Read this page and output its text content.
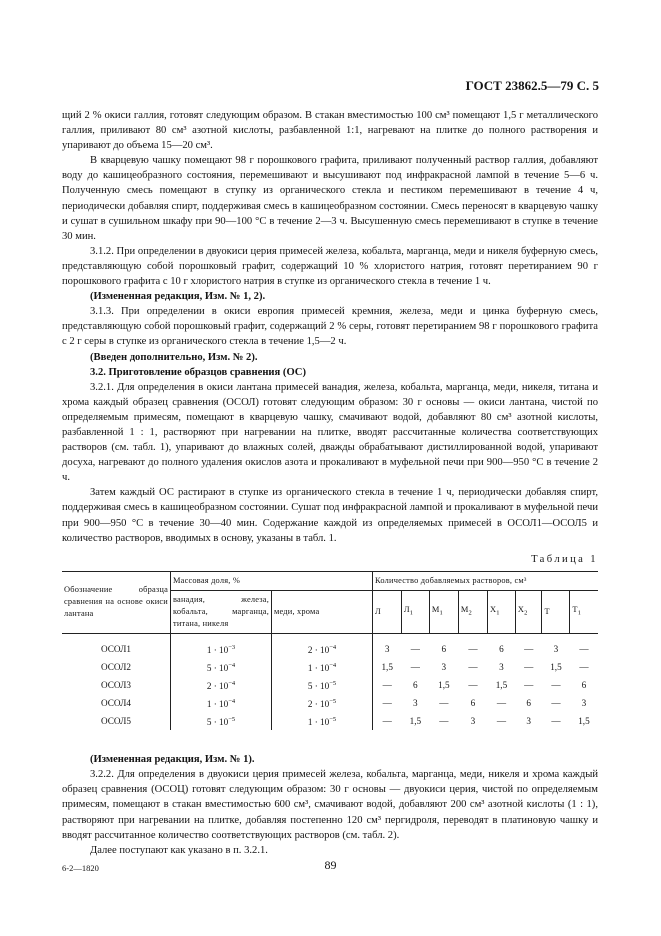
ГОСТ 23862.5—79 С. 5

щий 2 % окиси галлия, готовят следующим образом. В стакан вместимостью 100 см³ помещают 1,5 г металлического галлия, приливают 80 см³ азотной кислоты, разбавленной 1:1, нагревают на плитке до полного растворения и упаривают до объема 15—20 см³.

В кварцевую чашку помещают 98 г порошкового графита, приливают полученный раствор галлия, добавляют воду до кашицеобразного состояния, перемешивают и высушивают под инфракрасной лампой в течение 5—6 ч. Полученную смесь помещают в ступку из органического стекла и пестиком перемешивают в течение 4 ч, периодически добавляя спирт, поддерживая смесь в кашицеобразном состоянии. Смесь переносят в кварцевую чашку и сушат в сушильном шкафу при 90—100 °С в течение 2—3 ч. Высушенную смесь перемешивают в ступке в течение 30 мин.

3.1.2. При определении в двуокиси церия примесей железа, кобальта, марганца, меди и никеля буферную смесь, представляющую собой порошковый графит, содержащий 10 % хлористого натрия, готовят перетиранием 90 г порошкового графита с 10 г хлористого натрия в ступке из органического стекла в течение 1 ч.

(Измененная редакция, Изм. № 1, 2).

3.1.3. При определении в окиси европия примесей кремния, железа, меди и цинка буферную смесь, представляющую собой порошковый графит, содержащий 2 % серы, готовят перетиранием 98 г порошкового графита с 2 г серы в ступке из органического стекла в течение 1,5—2 ч.

(Введен дополнительно, Изм. № 2).

3.2. Приготовление образцов сравнения (ОС)

3.2.1. Для определения в окиси лантана примесей ванадия, железа, кобальта, марганца, меди, никеля, титана и хрома каждый образец сравнения (ОСОЛ) готовят следующим образом: 30 г основы — окиси лантана, чистой по определяемым примесям, помещают в кварцевую чашку, смачивают водой, добавляют 80 см³ азотной кислоты, разбавленной 1 : 1, растворяют при нагревании на плитке, вводят рассчитанные количества соответствующих растворов (см. табл. 1), упаривают до влажных солей, дважды обрабатывают дистиллированной водой, упаривают досуха, нагревают до полного удаления окислов азота и прокаливают в муфельной печи при 900—950 °С в течение 2 ч.

Затем каждый ОС растирают в ступке из органического стекла в течение 1 ч, периодически добавляя спирт, поддерживая смесь в кашицеобразном состоянии. Сушат под инфракрасной лампой и прокаливают в муфельной печи при 900—950 °С в течение 30—40 мин. Содержание каждой из определяемых примесей в ОСОЛ1—ОСОЛ5 и количество растворов, вводимых в основу, указаны в табл. 1.

Таблица 1
Обозначение образца сравнения на основе окиси лантана	Массовая доля, %		Количество добавляемых растворов, см³							
	ванадия, железа, кобальта, марганца, титана, никеля	меди, хрома	Л	$Л_1$	$М_1$	$М_2$	$Х_1$	$Х_2$	Т	$Т_1$
ОСОЛ1	$1 \cdot 10^{-3}$	$2 \cdot 10^{-4}$	3	—	6	—	6	—	3	—
ОСОЛ2	$5 \cdot 10^{-4}$	$1 \cdot 10^{-4}$	1,5	—	3	—	3	—	1,5	—
ОСОЛ3	$2 \cdot 10^{-4}$	$5 \cdot 10^{-5}$	—	6	1,5	—	1,5	—	—	6
ОСОЛ4	$1 \cdot 10^{-4}$	$2 \cdot 10^{-5}$	—	3	—	6	—	6	—	3
ОСОЛ5	$5 \cdot 10^{-5}$	$1 \cdot 10^{-5}$	—	1,5	—	3	—	3	—	1,5

(Измененная редакция, Изм. № 1).

3.2.2. Для определения в двуокиси церия примесей железа, кобальта, марганца, меди, никеля и хрома каждый образец сравнения (ОСОЦ) готовят следующим образом: 30 г основы — двуокиси церия, чистой по определяемым примесям, помещают в стакан вместимостью 600 см³, смачивают водой, добавляют 200 см³ азотной кислоты (1 : 1), растворяют при нагревании на плитке, добавляя постепенно 120 см³ пергидроля, переводят в платиновую чашку и вводят рассчитанное количество соответствующих растворов (см. табл. 2).

Далее поступают как указано в п. 3.2.1.

89
6-2—1820
